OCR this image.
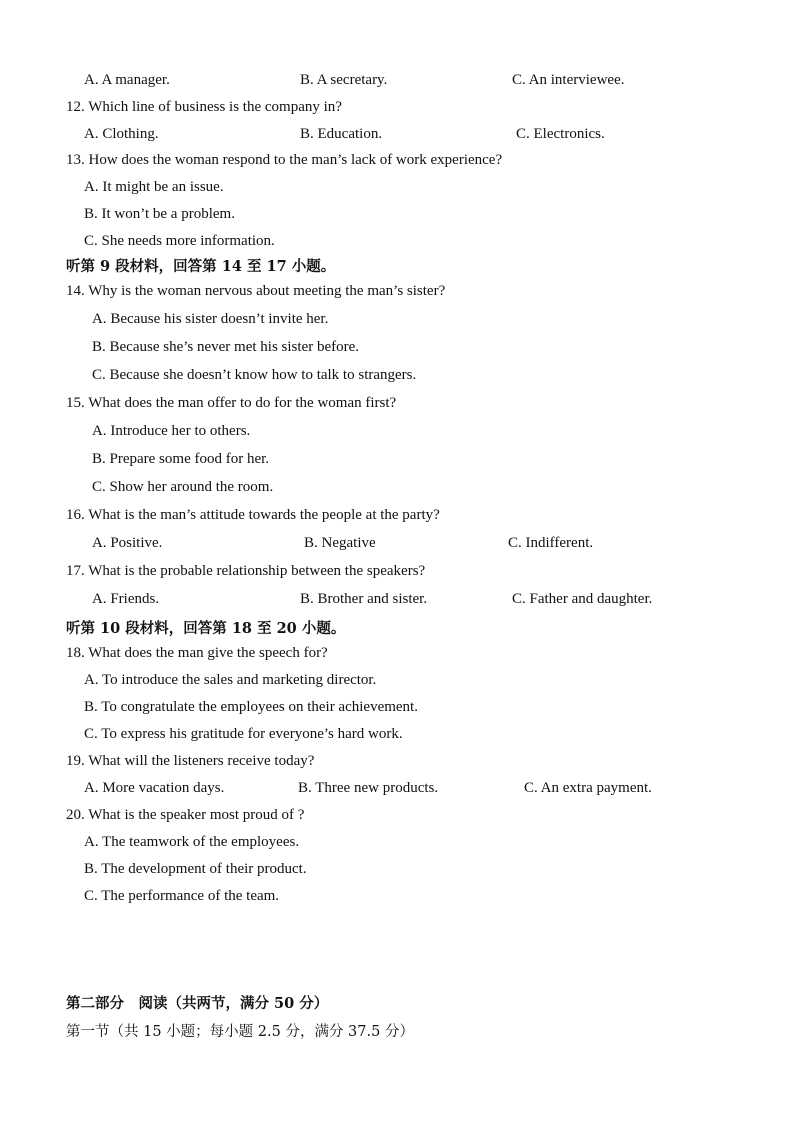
A. A manager.	B. A secretary.	C. An interviewee.
12. Which line of business is the company in?
A. Clothing.	B. Education.	C. Electronics.
13. How does the woman respond to the man’s lack of work experience?
A. It might be an issue.
B. It won’t be a problem.
C. She needs more information.
听第 9 段材料，回答第 14 至 17 小题。
14. Why is the woman nervous about meeting the man’s sister?
A. Because his sister doesn’t invite her.
B. Because she’s never met his sister before.
C. Because she doesn’t know how to talk to strangers.
15. What does the man offer to do for the woman first?
A. Introduce her to others.
B. Prepare some food for her.
C. Show her around the room.
16. What is the man’s attitude towards the people at the party?
A. Positive.	B. Negative	C. Indifferent.
17. What is the probable relationship between the speakers?
A. Friends.	B. Brother and sister.	C. Father and daughter.
听第 10 段材料，回答第 18 至 20 小题。
18. What does the man give the speech for?
A. To introduce the sales and marketing director.
B. To congratulate the employees on their achievement.
C. To express his gratitude for everyone’s hard work.
19. What will the listeners receive today?
A. More vacation days.	B. Three new products.	C. An extra payment.
20. What is the speaker most proud of ?
A. The teamwork of the employees.
B. The development of their product.
C. The performance of the team.
第二部分　阅读（共两节，满分 50 分）
第一节（共 15 小题；每小题 2.5 分，满分 37.5 分）
